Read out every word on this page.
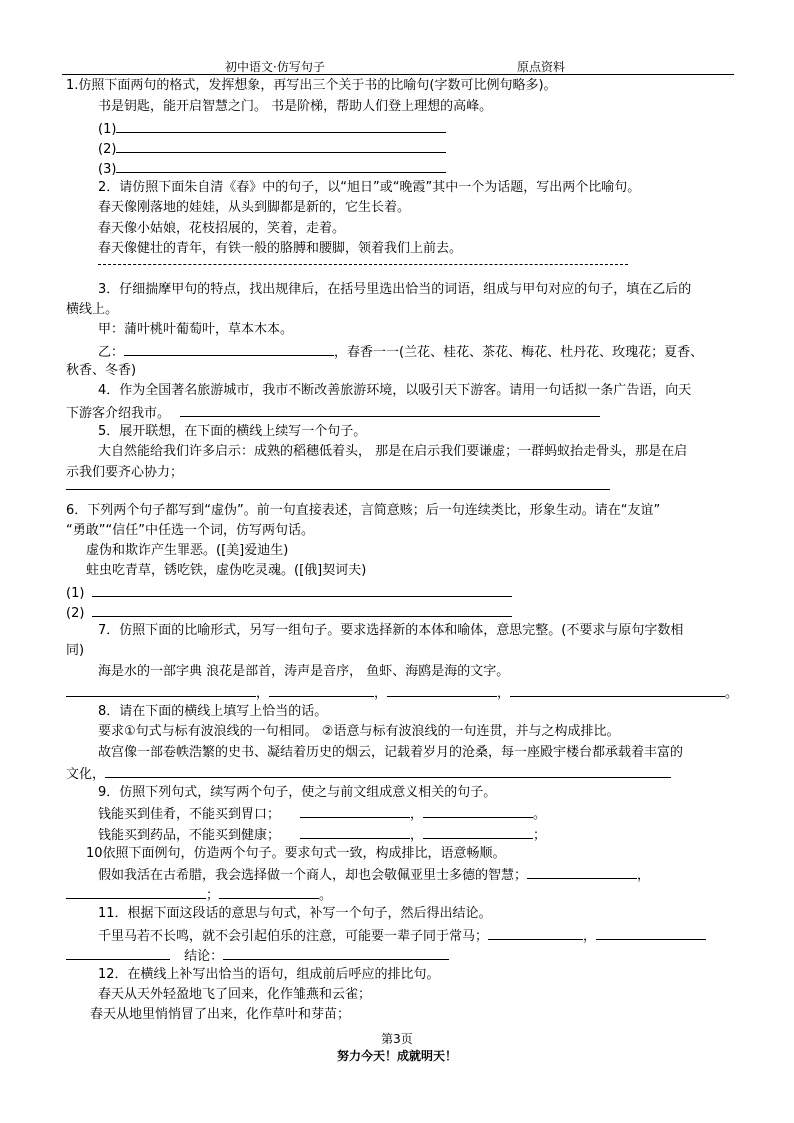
初中语文·仿写句子	原点资料
1.仿照下面两句的格式，发挥想象，再写出三个关于书的比喻句(字数可比例句略多)。
书是钥匙，能开启智慧之门。 书是阶梯，帮助人们登上理想的高峰。
(1)
(2)
(3)
2．请仿照下面朱自清《春》中的句子，以“旭日”或“晚霞”其中一个为话题，写出两个比喻句。
春天像刚落地的娃娃，从头到脚都是新的，它生长着。
春天像小姑娘，花枝招展的，笑着，走着。
春天像健壮的青年，有铁一般的胳膊和腰脚，领着我们上前去。
3．仔细揣摩甲句的特点，找出规律后，在括号里选出恰当的词语，组成与甲句对应的句子，填在乙后的
横线上。
甲：蒲叶桃叶葡萄叶，草本木本。
乙：	，春香一一(兰花、桂花、茶花、梅花、杜丹花、玫瑰花；夏香、
秋香、冬香)
4．作为全国著名旅游城市，我市不断改善旅游环境，以吸引天下游客。请用一句话拟一条广告语，向天
下游客介绍我市。
5．展开联想，在下面的横线上续写一个句子。
大自然能给我们许多启示：成熟的稻穗低着头， 那是在启示我们要谦虚；一群蚂蚁抬走骨头，那是在启
示我们要齐心协力；
6．下列两个句子都写到“虚伪”。前一句直接表述，言简意赅；后一句连续类比，形象生动。请在“友谊”
“勇敢”“信任”中任选一个词，仿写两句话。
虚伪和欺诈产生罪恶。([美]爱迪生)
蛀虫吃青草，锈吃铁，虚伪吃灵魂。([俄]契诃夫)
(1)
(2)
7．仿照下面的比喻形式，另写一组句子。要求选择新的本体和喻体，意思完整。(不要求与原句字数相
同)
海是水的一部字典 浪花是部首，涛声是音序， 鱼虾、海鸥是海的文字。
，	，	，	。
8．请在下面的横线上填写上恰当的话。
要求①句式与标有波浪线的一句相同。 ②语意与标有波浪线的一句连贯，并与之构成排比。
故宫像一部卷帙浩繁的史书、凝结着历史的烟云，记载着岁月的沧桑，每一座殿宇楼台都承载着丰富的
文化，
9．仿照下列句式，续写两个句子，使之与前文组成意义相关的句子。
钱能买到佳肴，不能买到胃口；	，	。
钱能买到药品，不能买到健康；	，	；
10依照下面例句，仿造两个句子。要求句式一致，构成排比，语意畅顺。
假如我活在古希腊，我会选择做一个商人，却也会敬佩亚里士多德的智慧；	，
；	。
11．根据下面这段话的意思与句式，补写一个句子，然后得出结论。
千里马若不长鸣，就不会引起伯乐的注意，可能要一辈子同于常马；	，
结论：
12．在横线上补写出恰当的语句，组成前后呼应的排比句。
春天从天外轻盈地飞了回来，化作雏燕和云雀；
春天从地里悄悄冒了出来，化作草叶和芽苗；
第3页
努力今天！成就明天！
